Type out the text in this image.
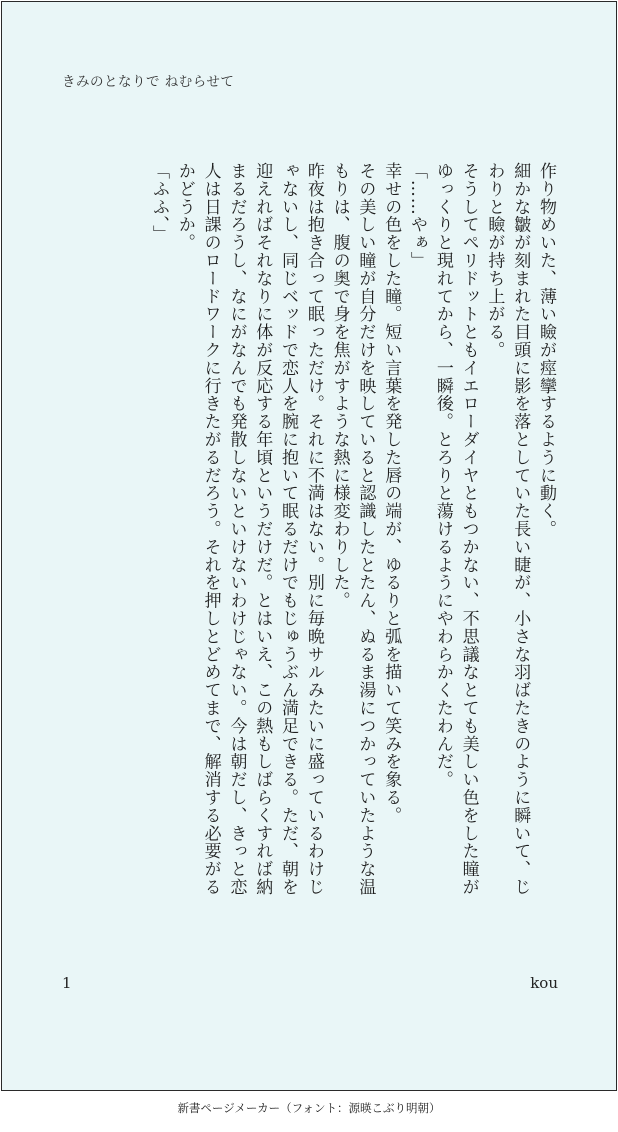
きみのとなりで ねむらせて

作り物めいた、薄い瞼が痙攣するように動く。

細かな皺が刻まれた目頭に影を落としていた長い睫が、小さな羽ばたきのように瞬いて、じわりと瞼が持ち上がる。

そうしてペリドットともイエローダイヤともつかない、不思議なとても美しい色をした瞳がゆっくりと現れてから、一瞬後。とろりと蕩けるようにやわらかくたわんだ。

「……やぁ」

幸せの色をした瞳。短い言葉を発した唇の端が、ゆるりと弧を描いて笑みを象る。

その美しい瞳が自分だけを映していると認識したとたん、ぬるま湯につかっていたような温もりは、腹の奥で身を焦がすような熱に様変わりした。

昨夜は抱き合って眠っただけ。それに不満はない。別に毎晩サルみたいに盛っているわけじゃないし、同じベッドで恋人を腕に抱いて眠るだけでもじゅうぶん満足できる。ただ、朝を迎えればそれなりに体が反応する年頃というだけだ。とはいえ、この熱もしばらくすれば納まるだろうし、なにがなんでも発散しないといけないわけじゃない。今は朝だし、きっと恋人は日課のロードワークに行きたがるだろう。それを押しとどめてまで、解消する必要がるかどうか。

「ふふ、」

1	kou
新書ページメーカー（フォント：源暎こぶり明朝）
